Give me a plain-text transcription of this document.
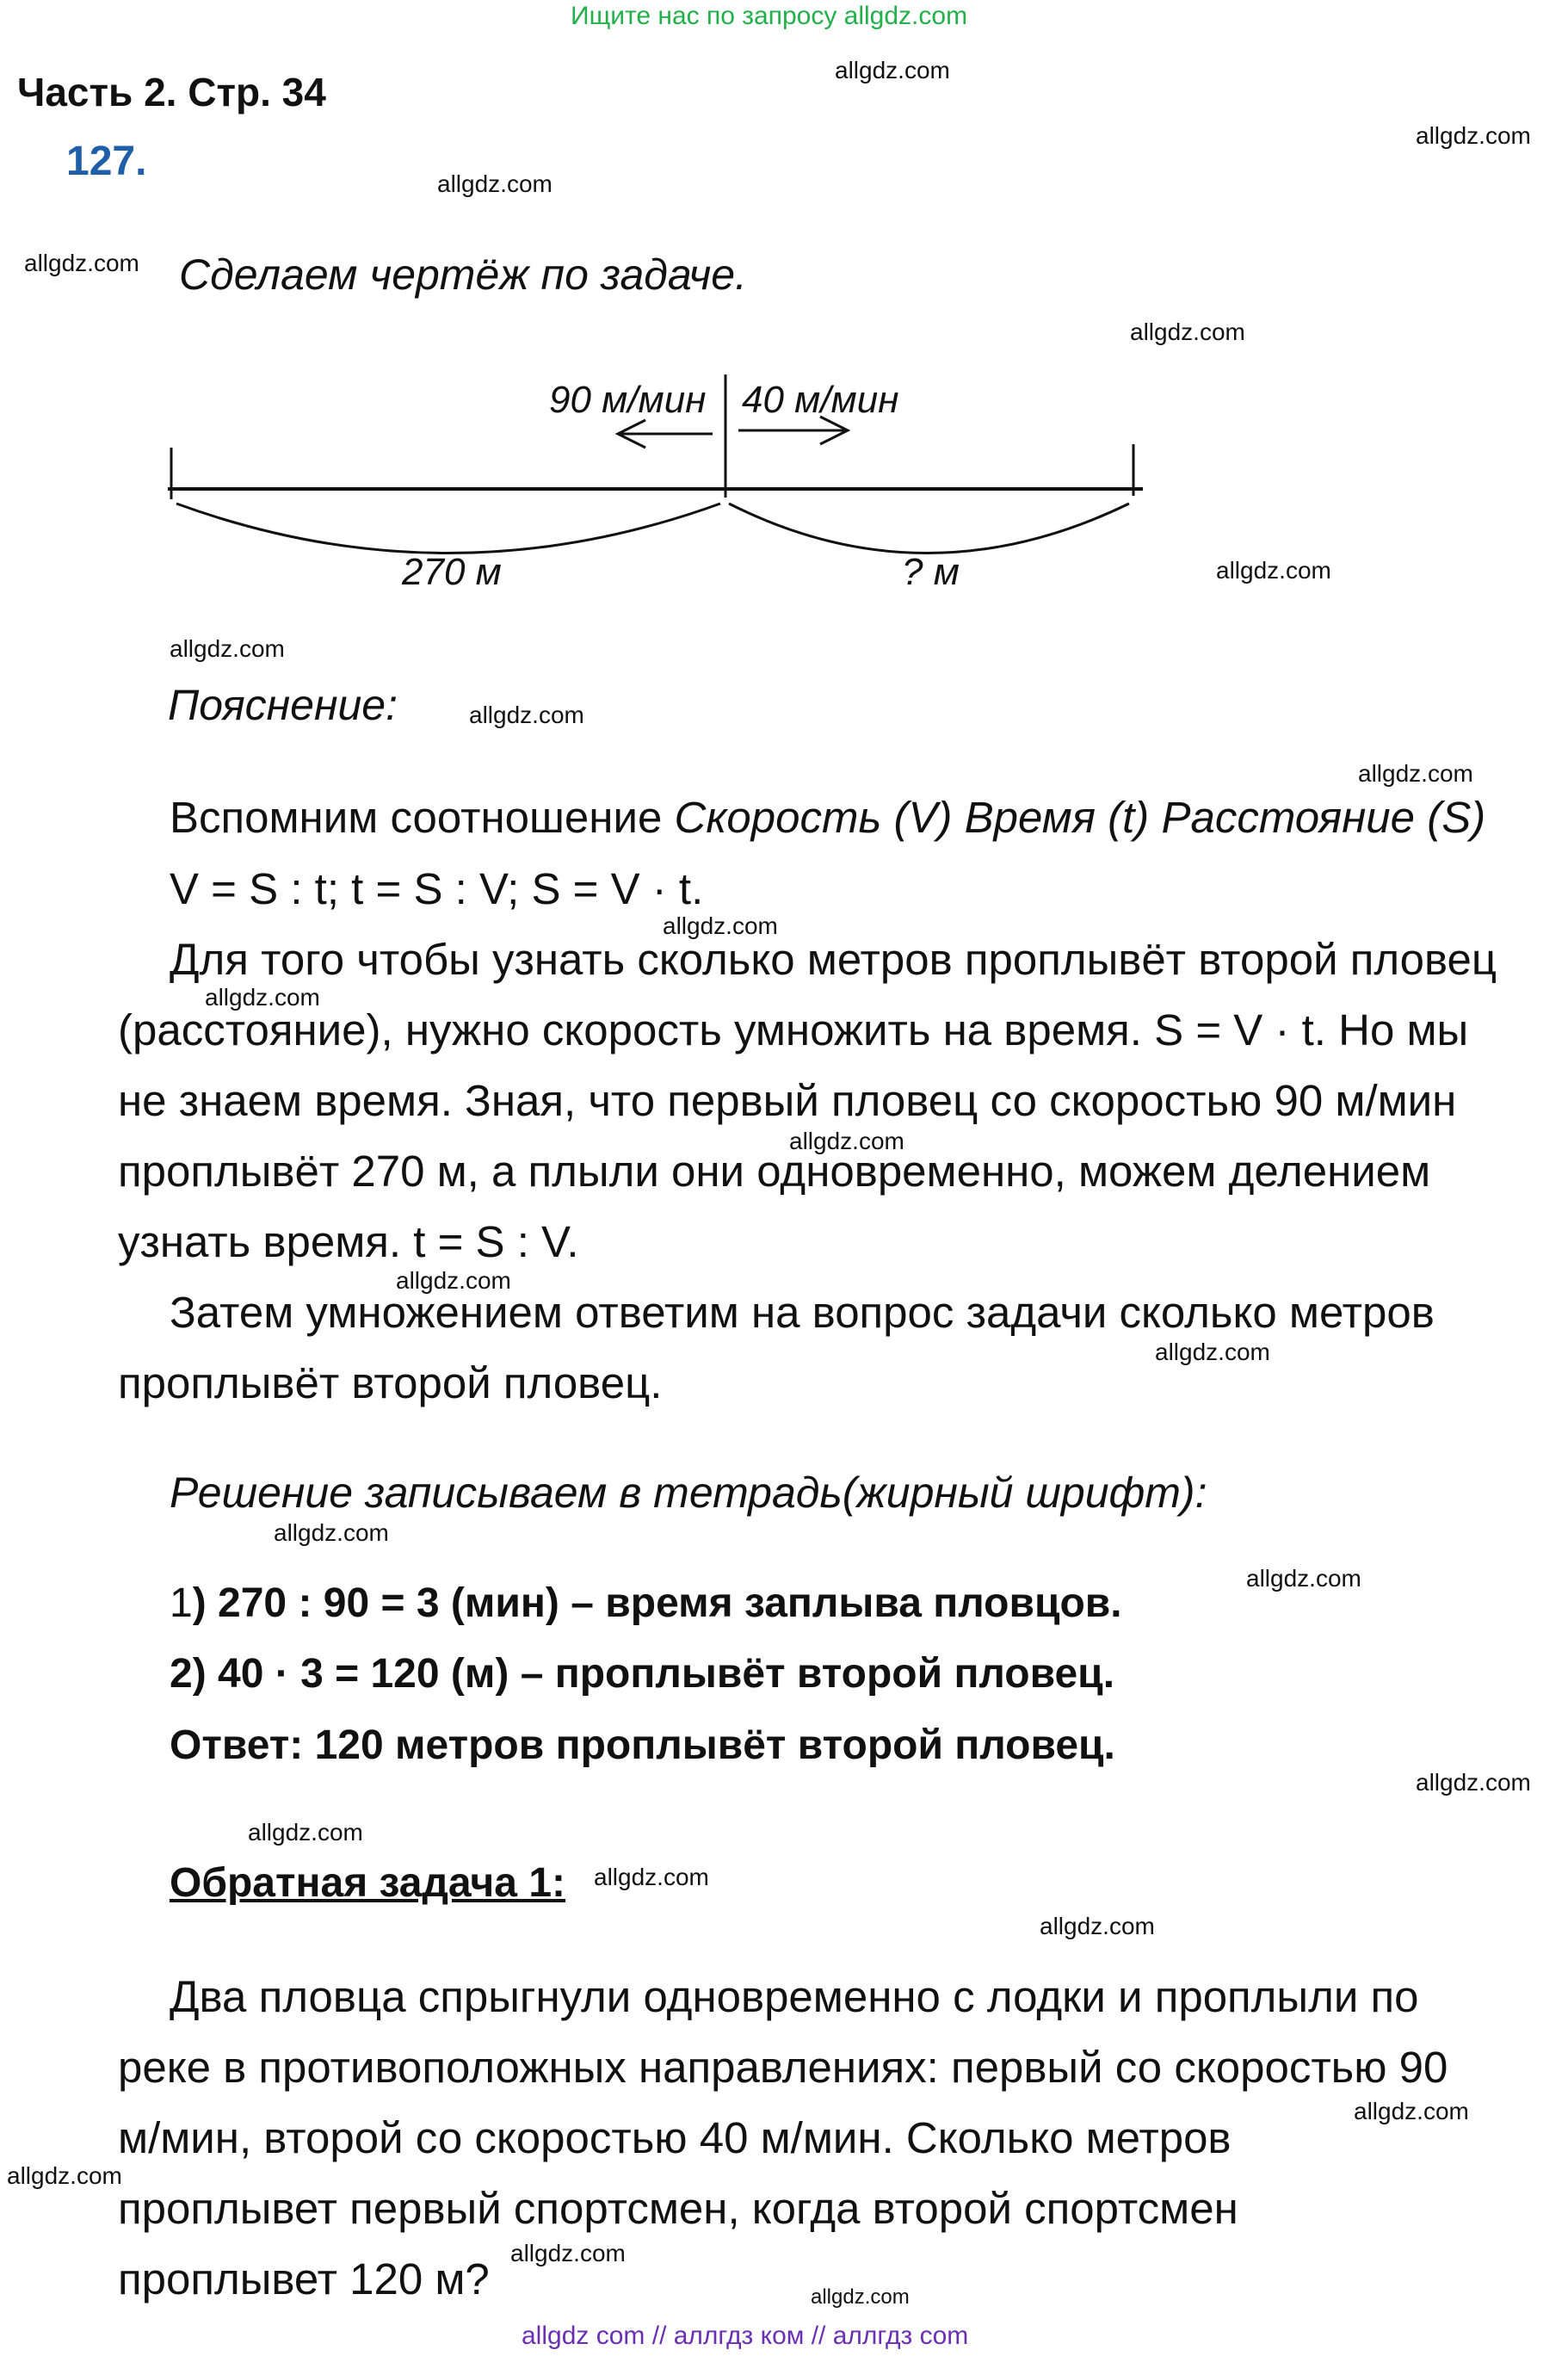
Ищите нас по запросу allgdz.com
Часть 2. Стр. 34
127.
Сделаем чертёж по задаче.
90 м/мин 40 м/мин
270 м	? м
Пояснение:
Вспомним соотношение Скорость (V) Время (t) Расстояние (S)
V = S : t; t = S : V; S = V · t.
Для того чтобы узнать сколько метров проплывёт второй пловец
(расстояние), нужно скорость умножить на время. S = V · t. Но мы
не знаем время. Зная, что первый пловец со скоростью 90 м/мин
проплывёт 270 м, а плыли они одновременно, можем делением
узнать время. t = S : V.
Затем умножением ответим на вопрос задачи сколько метров
проплывёт второй пловец.
Решение записываем в тетрадь(жирный шрифт):
1) 270 : 90 = 3 (мин) – время заплыва пловцов.
2) 40 · 3 = 120 (м) – проплывёт второй пловец.
Ответ: 120 метров проплывёт второй пловец.
Обратная задача 1:
Два пловца спрыгнули одновременно с лодки и проплыли по
реке в противоположных направлениях: первый со скоростью 90
м/мин, второй со скоростью 40 м/мин. Сколько метров
проплывет первый спортсмен, когда второй спортсмен
проплывет 120 м?
allgdz.com
allgdz.com
allgdz.com
allgdz.com
allgdz.com
allgdz.com
allgdz.com
allgdz.com
allgdz.com
allgdz.com
allgdz.com
allgdz.com
allgdz.com
allgdz.com
allgdz.com
allgdz.com
allgdz.com
allgdz.com
allgdz.com
allgdz.com
allgdz.com
allgdz.com
allgdz.com
allgdz.com
allgdz com // аллгдз ком // аллгдз com
